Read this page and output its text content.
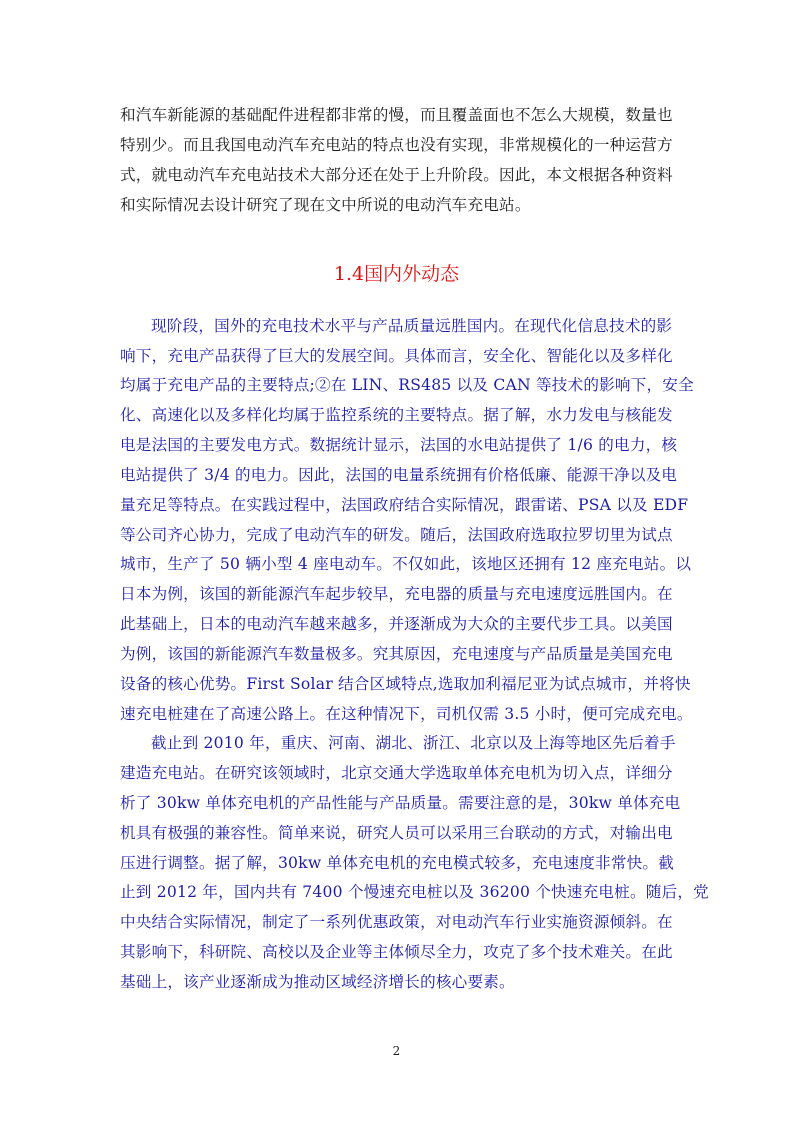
和汽车新能源的基础配件进程都非常的慢，而且覆盖面也不怎么大规模，数量也
特别少。而且我国电动汽车充电站的特点也没有实现，非常规模化的一种运营方
式，就电动汽车充电站技术大部分还在处于上升阶段。因此，本文根据各种资料
和实际情况去设计研究了现在文中所说的电动汽车充电站。
1.4国内外动态
现阶段，国外的充电技术水平与产品质量远胜国内。在现代化信息技术的影
响下，充电产品获得了巨大的发展空间。具体而言，安全化、智能化以及多样化
均属于充电产品的主要特点;②在 LIN、RS485 以及 CAN 等技术的影响下，安全
化、高速化以及多样化均属于监控系统的主要特点。据了解，水力发电与核能发
电是法国的主要发电方式。数据统计显示，法国的水电站提供了 1/6 的电力，核
电站提供了 3/4 的电力。因此，法国的电量系统拥有价格低廉、能源干净以及电
量充足等特点。在实践过程中，法国政府结合实际情况，跟雷诺、PSA 以及 EDF
等公司齐心协力，完成了电动汽车的研发。随后，法国政府选取拉罗切里为试点
城市，生产了 50 辆小型 4 座电动车。不仅如此，该地区还拥有 12 座充电站。以
日本为例，该国的新能源汽车起步较早，充电器的质量与充电速度远胜国内。在
此基础上，日本的电动汽车越来越多，并逐渐成为大众的主要代步工具。以美国
为例，该国的新能源汽车数量极多。究其原因，充电速度与产品质量是美国充电
设备的核心优势。First Solar 结合区域特点,选取加利福尼亚为试点城市，并将快
速充电桩建在了高速公路上。在这种情况下，司机仅需 3.5 小时，便可完成充电。
截止到 2010 年，重庆、河南、湖北、浙江、北京以及上海等地区先后着手
建造充电站。在研究该领域时，北京交通大学选取单体充电机为切入点，详细分
析了 30kw 单体充电机的产品性能与产品质量。需要注意的是，30kw 单体充电
机具有极强的兼容性。简单来说，研究人员可以采用三台联动的方式，对输出电
压进行调整。据了解，30kw 单体充电机的充电模式较多，充电速度非常快。截
止到 2012 年，国内共有 7400 个慢速充电桩以及 36200 个快速充电桩。随后，党
中央结合实际情况，制定了一系列优惠政策，对电动汽车行业实施资源倾斜。在
其影响下，科研院、高校以及企业等主体倾尽全力，攻克了多个技术难关。在此
基础上，该产业逐渐成为推动区域经济增长的核心要素。
2
